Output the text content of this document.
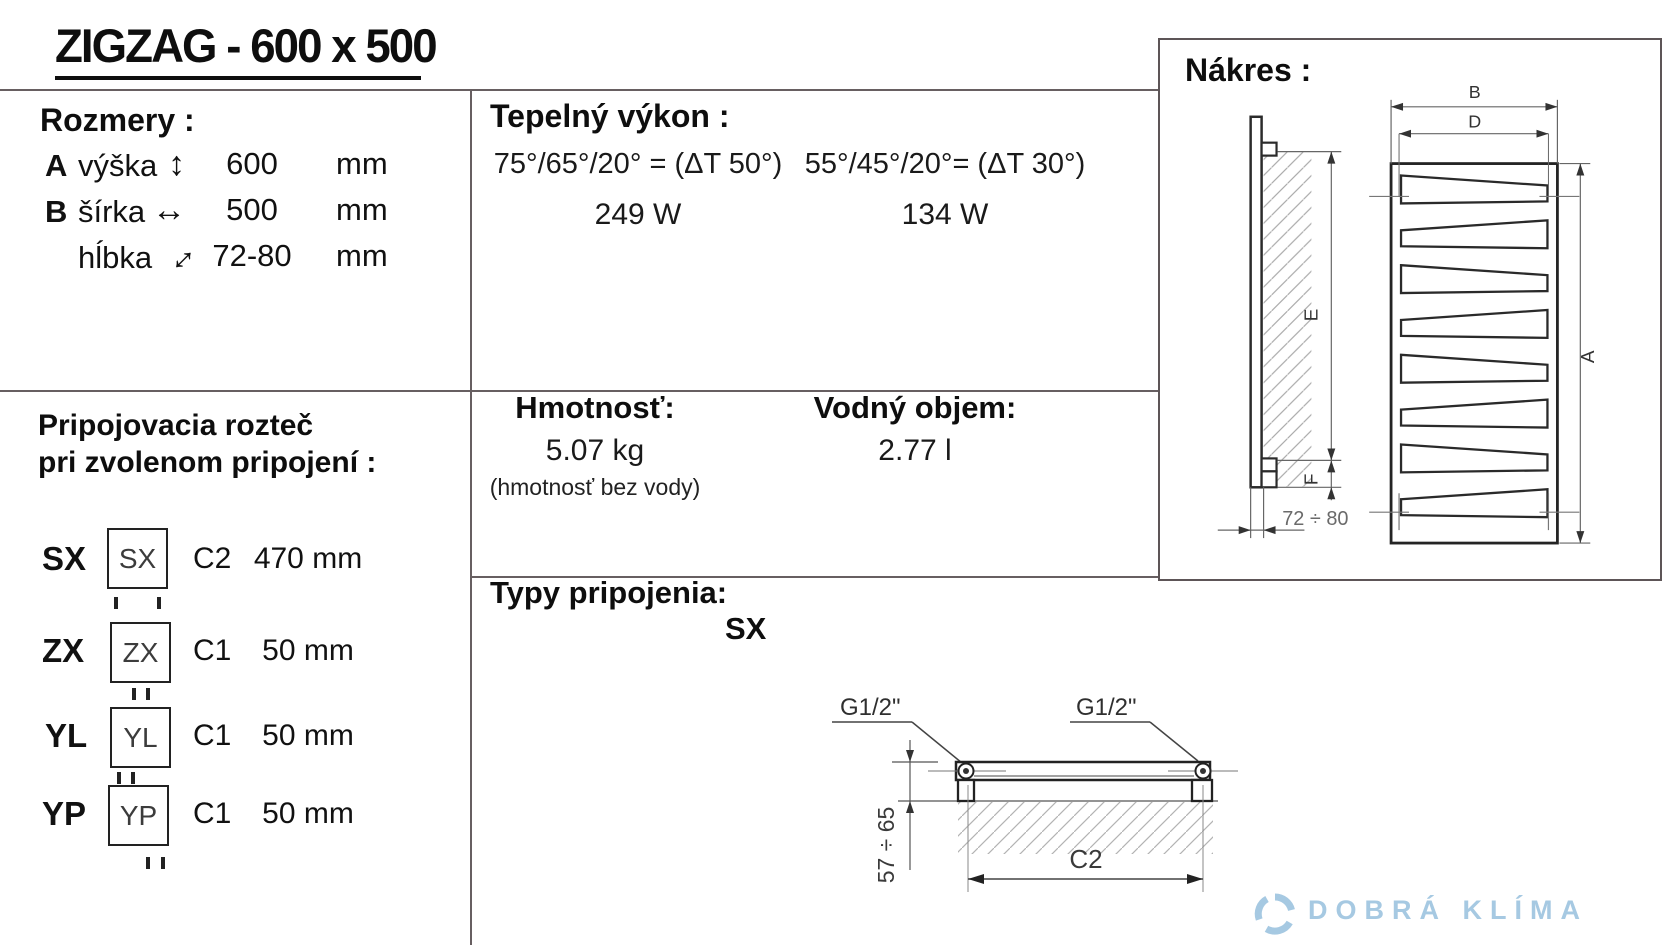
ZIGZAG - 600 x 500
Rozmery :
A výška ↕	600	mm
B šírka ↔	500	mm
hĺbka ↔ 72-80	mm
Tepelný výkon :
75°/65°/20° = (ΔT 50°) 55°/45°/20°= (ΔT 30°)
249 W	134 W
Hmotnosť:
5.07 kg
(hmotnosť bez vody)
Vodný objem:
2.77 l
Pripojovacia rozteč
pri zvolenom pripojení :
SX SX C2 470 mm
ZX ZX C1	50 mm
YL YL C1	50 mm
YP YP C1	50 mm
Nákres :
E
F
72 ÷ 80
B
D
A
Typy pripojenia:
SX
G1/2"	G1/2"
57 ÷ 65	C2
DOBRÁ KLÍMA
